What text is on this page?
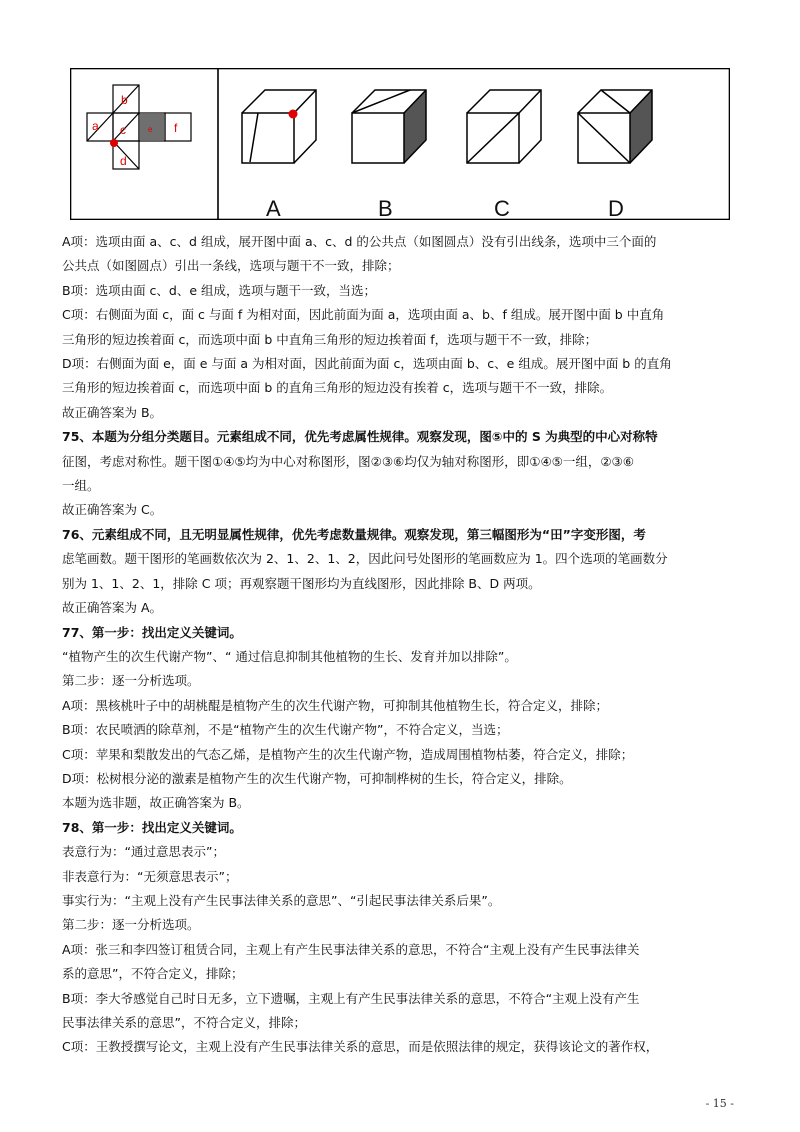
b
a c
d
e f
A	B	C	D

A项：选项由面 a、c、d 组成，展开图中面 a、c、d 的公共点（如图圆点）没有引出线条，选项中三个面的

公共点（如图圆点）引出一条线，选项与题干不一致，排除；

B项：选项由面 c、d、e 组成，选项与题干一致，当选；

C项：右侧面为面 c，面 c 与面 f 为相对面，因此前面为面 a，选项由面 a、b、f 组成。展开图中面 b 中直角

三角形的短边挨着面 c，而选项中面 b 中直角三角形的短边挨着面 f，选项与题干不一致，排除；

D项：右侧面为面 e，面 e 与面 a 为相对面，因此前面为面 c，选项由面 b、c、e 组成。展开图中面 b 的直角

三角形的短边挨着面 c，而选项中面 b 的直角三角形的短边没有挨着 c，选项与题干不一致，排除。

故正确答案为 B。

75、本题为分组分类题目。元素组成不同，优先考虑属性规律。观察发现，图⑤中的 S 为典型的中心对称特

征图，考虑对称性。题干图①④⑤均为中心对称图形，图②③⑥均仅为轴对称图形，即①④⑤一组，②③⑥

一组。

故正确答案为 C。

76、元素组成不同，且无明显属性规律，优先考虑数量规律。观察发现，第三幅图形为“田”字变形图，考

虑笔画数。题干图形的笔画数依次为 2、1、2、1、2，因此问号处图形的笔画数应为 1。四个选项的笔画数分

别为 1、1、2、1，排除 C 项；再观察题干图形均为直线图形，因此排除 B、D 两项。

故正确答案为 A。

77、第一步：找出定义关键词。

“植物产生的次生代谢产物”、“ 通过信息抑制其他植物的生长、发育并加以排除”。

第二步：逐一分析选项。

A项：黑核桃叶子中的胡桃醌是植物产生的次生代谢产物，可抑制其他植物生长，符合定义，排除；

B项：农民喷洒的除草剂，不是“植物产生的次生代谢产物”，不符合定义，当选；

C项：苹果和梨散发出的气态乙烯，是植物产生的次生代谢产物，造成周围植物枯萎，符合定义，排除；

D项：松树根分泌的激素是植物产生的次生代谢产物，可抑制桦树的生长，符合定义，排除。

本题为选非题，故正确答案为 B。

78、第一步：找出定义关键词。

表意行为：“通过意思表示”；

非表意行为：“无须意思表示”；

事实行为：“主观上没有产生民事法律关系的意思”、“引起民事法律关系后果”。

第二步：逐一分析选项。

A项：张三和李四签订租赁合同，主观上有产生民事法律关系的意思，不符合“主观上没有产生民事法律关

系的意思”，不符合定义，排除；

B项：李大爷感觉自己时日无多，立下遗嘱，主观上有产生民事法律关系的意思，不符合“主观上没有产生

民事法律关系的意思”，不符合定义，排除；

C项：王教授撰写论文，主观上没有产生民事法律关系的意思，而是依照法律的规定，获得该论文的著作权，

- 15 -
